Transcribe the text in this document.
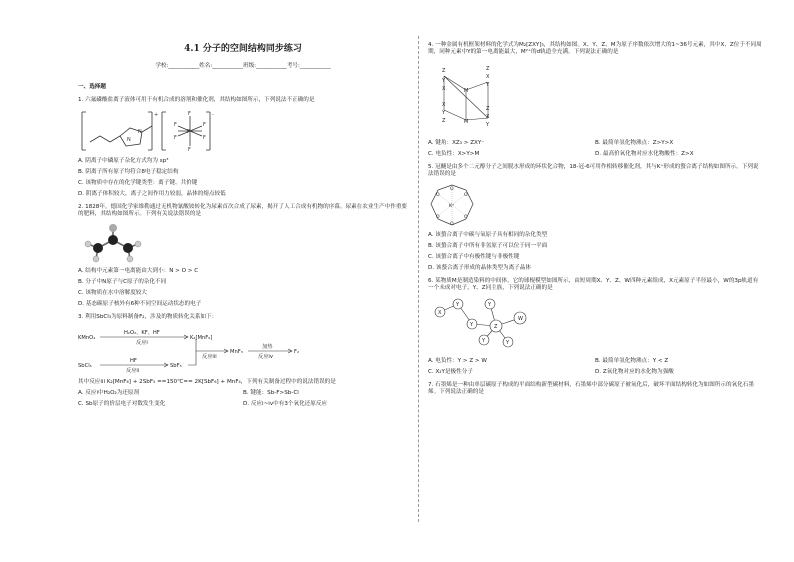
4.1 分子的空间结构同步练习
学校:___________姓名:___________班级:___________考号:___________
一、选择题

1. 六氟磷酸盐离子液体可用于有机合成的溶剂和催化剂，其结构如图所示，下列说法不正确的是

N
N
+	F
F
F	F
F	F
P
-
A. 阴离子中磷原子杂化方式均为 sp³
B. 阴离子所有原子均符合8电子稳定结构
C. 该物质中存在的化学键类型：离子键、共价键
D. 阴离子体积较大，离子之间作用力较弱，晶体的熔点较低

2. 1828年，德国化学家维勒通过无机物氰酸铵转化为尿素首次合成了尿素，揭开了人工合成有机物的序幕。尿素在农业生产中作重要的肥料，其结构如图所示。下列有关说法错误的是

A. 结构中元素第一电离能由大到小：N > O > C
B. 分子中N原子与C原子的杂化不同
C. 该物质在水中溶解度较大
D. 基态碳原子核外有6种不同空间运动状态的电子

3. 利用SbCl₃为原料制备F₂，涉及的物质转化关系如下：

KMnO₄
H₂O₂、KF、HF
反应i
K₂[MnF₆]
SbCl₅
HF
反应ii
SbF₅
反应iii
MnF₃
加热
反应iv
F₂

其中反应iii K₂[MnF₆] + 2SbF₅ ==150℃== 2K[SbF₆] + MnF₄，下列有关制备过程中的说法错误的是

A. 反应i中H₂O₂为还原剂	B. 键能：Sb-F>Sb-Cl
C. Sb原子的价层电子对数发生变化	D. 反应i~iv中有3个氧化还原反应

4. 一种金属有机框架材料的化学式为M₂[ZXY]₃，其结构如图。X、Y、Z、M为原子序数依次增大的1~36号元素，其中X、Z位于不同周期，同种元素中Y的第一电离能最大，M²⁺的d轨道全充满。下列说法正确的是

M
M
Z
Y
X
Z
X
Y
X
Y
Z
Z
X
Y
A. 键角：XZ₃ > ZXY⁻	B. 最简单氢化物沸点：Z>Y>X
C. 电负性：X>Y>M	D. 最高价氧化物对应水化物酸性：Z>X

5. 冠醚是由多个二元醇分子之间脱水形成的环状化合物，18-冠-6可用作相转移催化剂，其与K⁺形成的螯合离子结构如图所示。下列说法错误的是

O
O
O
O
O
O
K⁺
A. 该螯合离子中碳与氧原子具有相同的杂化类型
B. 该螯合离子中所有非氢原子可以位于同一平面
C. 该螯合离子中有极性键与非极性键
D. 该螯合离子形成的晶体类型为离子晶体

6. 某物质M是制造染料的中间体，它的球棍模型如图所示，由短周期X、Y、Z、W四种元素组成，X元素原子半径最小，W的3p轨道有一个未成对电子，Y、Z同主族，下列说法正确的是

X
Y
Y	Z
Y
W
Y	Y
A. 电负性：Y > Z > W	B. 最简单氢化物沸点：Y < Z
C. X₂Y是极性分子	D. Z氧化物对应的水化物为强酸

7. 石墨烯是一种由单层碳原子构成的平面结构新型碳材料，石墨烯中部分碳原子被氧化后，破坏平面结构转化为如图所示的氧化石墨烯。下列说法正确的是
